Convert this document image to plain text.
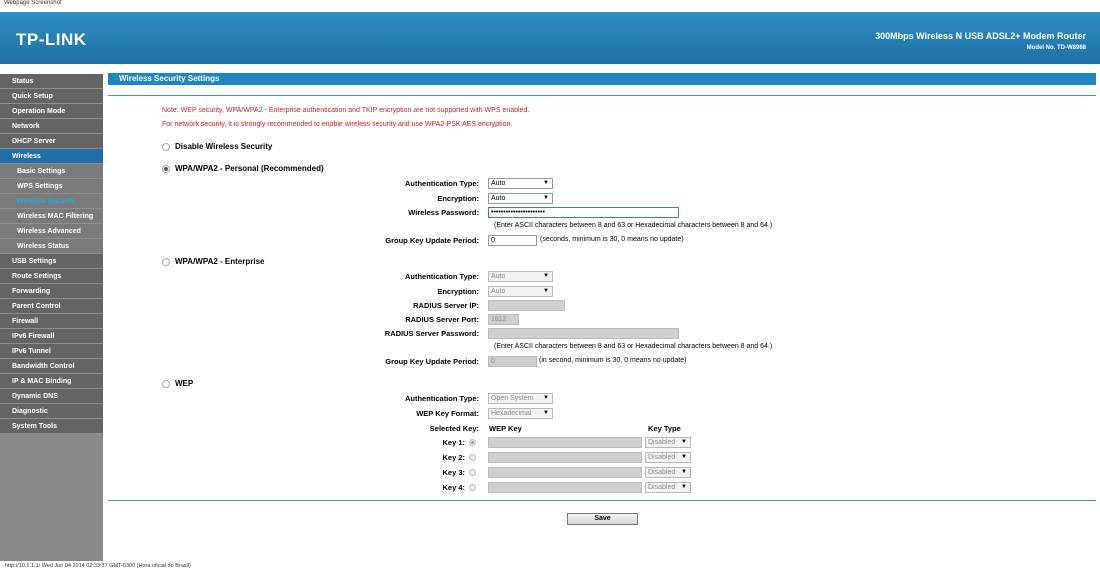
Webpage Screenshot
TP-LINK	300Mbps Wireless N USB ADSL2+ Modem Router
Model No. TD-W8968
Status
Quick Setup
Operation Mode
Network
DHCP Server
Wireless
Basic Settings
WPS Settings
Wireless Security
Wireless MAC Filtering
Wireless Advanced
Wireless Status
USB Settings
Route Settings
Forwarding
Parent Control
Firewall
IPv6 Firewall
IPv6 Tunnel
Bandwidth Control
IP & MAC Binding
Dynamic DNS
Diagnostic
System Tools
Wireless Security Settings
Note: WEP security, WPA/WPA2 - Enterprise authentication and TKIP encryption are not supported with WPS enabled.
For network security, it is strongly recommended to enable wireless security and use WPA2-PSK AES encryption.
Disable Wireless Security
WPA/WPA2 - Personal (Recommended)
Authentication Type:	Auto	▼
Encryption:	Auto	▼
Wireless Password:	••••••••••••••••••••••
(Enter ASCII characters between 8 and 63 or Hexadecimal characters between 8 and 64.)
Group Key Update Period:	0	(seconds, minimum is 30, 0 means no update)
WPA/WPA2 - Enterprise
Authentication Type:	Auto	▼
Encryption:	Auto	▼
RADIUS Server IP:
RADIUS Server Port:	1812
RADIUS Server Password:
(Enter ASCII characters between 8 and 63 or Hexadecimal characters between 8 and 64.)
Group Key Update Period:	0	(in second, minimum is 30, 0 means no update)
WEP
Authentication Type:	Open System ▼
WEP Key Format:	Hexadecimal ▼
Selected Key: WEP Key	Key Type
Key 1:	Disabled ▼
Key 2:	Disabled ▼
Key 3:	Disabled ▼
Key 4:	Disabled ▼
Save
http://10.1.1.1/ Wed Jun 04 2014 02:33:37 GMT-0300 (Hora oficial do Brasil)
